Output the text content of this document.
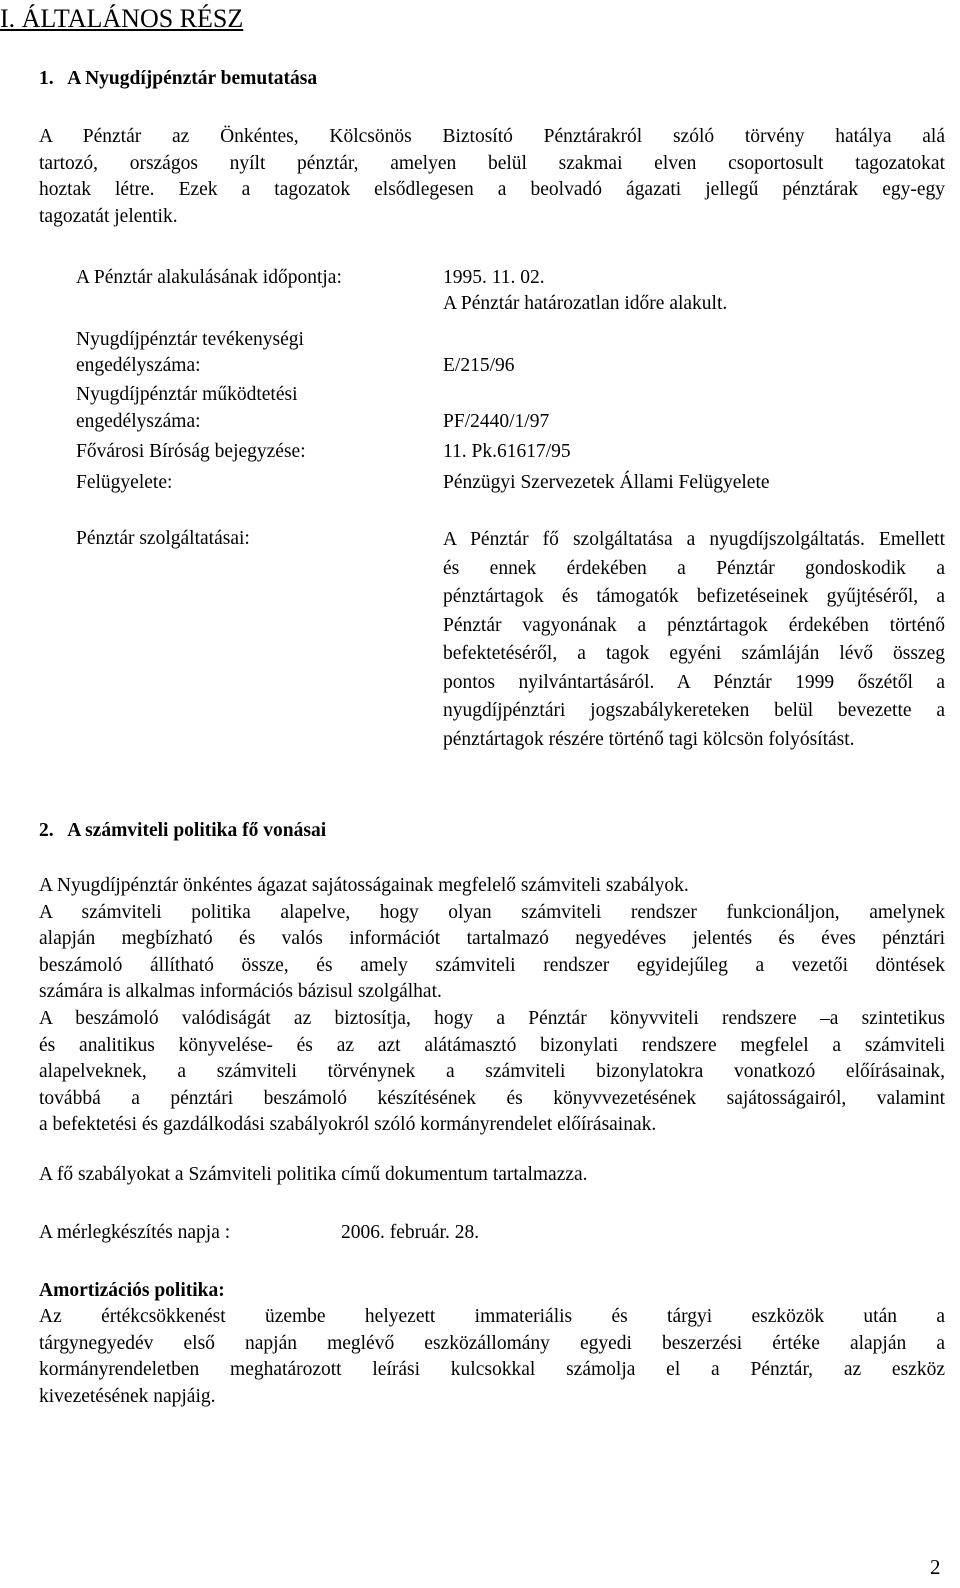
I. ÁLTALÁNOS RÉSZ
1. A Nyugdíjpénztár bemutatása
A Pénztár az Önkéntes, Kölcsönös Biztosító Pénztárakról szóló törvény hatálya alá
tartozó, országos nyílt pénztár, amelyen belül szakmai elven csoportosult tagozatokat
hoztak létre. Ezek a tagozatok elsődlegesen a beolvadó ágazati jellegű pénztárak egy-egy
tagozatát jelentik.
A Pénztár alakulásának időpontja:	1995. 11. 02.
A Pénztár határozatlan időre alakult.
Nyugdíjpénztár tevékenységi
engedélyszáma:	E/215/96
Nyugdíjpénztár működtetési
engedélyszáma:	PF/2440/1/97
Fővárosi Bíróság bejegyzése:	11. Pk.61617/95
Felügyelete:	Pénzügyi Szervezetek Állami Felügyelete
Pénztár szolgáltatásai:	A Pénztár fő szolgáltatása a nyugdíjszolgáltatás. Emellett
és ennek érdekében a Pénztár gondoskodik a
pénztártagok és támogatók befizetéseinek gyűjtéséről, a
Pénztár vagyonának a pénztártagok érdekében történő
befektetéséről, a tagok egyéni számláján lévő összeg
pontos nyilvántartásáról. A Pénztár 1999 őszétől a
nyugdíjpénztári jogszabálykereteken belül bevezette a
pénztártagok részére történő tagi kölcsön folyósítást.
2. A számviteli politika fő vonásai
A Nyugdíjpénztár önkéntes ágazat sajátosságainak megfelelő számviteli szabályok.
A számviteli politika alapelve, hogy olyan számviteli rendszer funkcionáljon, amelynek
alapján megbízható és valós információt tartalmazó negyedéves jelentés és éves pénztári
beszámoló állítható össze, és amely számviteli rendszer egyidejűleg a vezetői döntések
számára is alkalmas információs bázisul szolgálhat.
A beszámoló valódiságát az biztosítja, hogy a Pénztár könyvviteli rendszere –a szintetikus
és analitikus könyvelése- és az azt alátámasztó bizonylati rendszere megfelel a számviteli
alapelveknek, a számviteli törvénynek a számviteli bizonylatokra vonatkozó előírásainak,
továbbá a pénztári beszámoló készítésének és könyvvezetésének sajátosságairól, valamint
a befektetési és gazdálkodási szabályokról szóló kormányrendelet előírásainak.
A fő szabályokat a Számviteli politika című dokumentum tartalmazza.
A mérlegkészítés napja :	2006. február. 28.
Amortizációs politika:
Az értékcsökkenést üzembe helyezett immateriális és tárgyi eszközök után a
tárgynegyedév első napján meglévő eszközállomány egyedi beszerzési értéke alapján a
kormányrendeletben meghatározott leírási kulcsokkal számolja el a Pénztár, az eszköz
kivezetésének napjáig.
2
